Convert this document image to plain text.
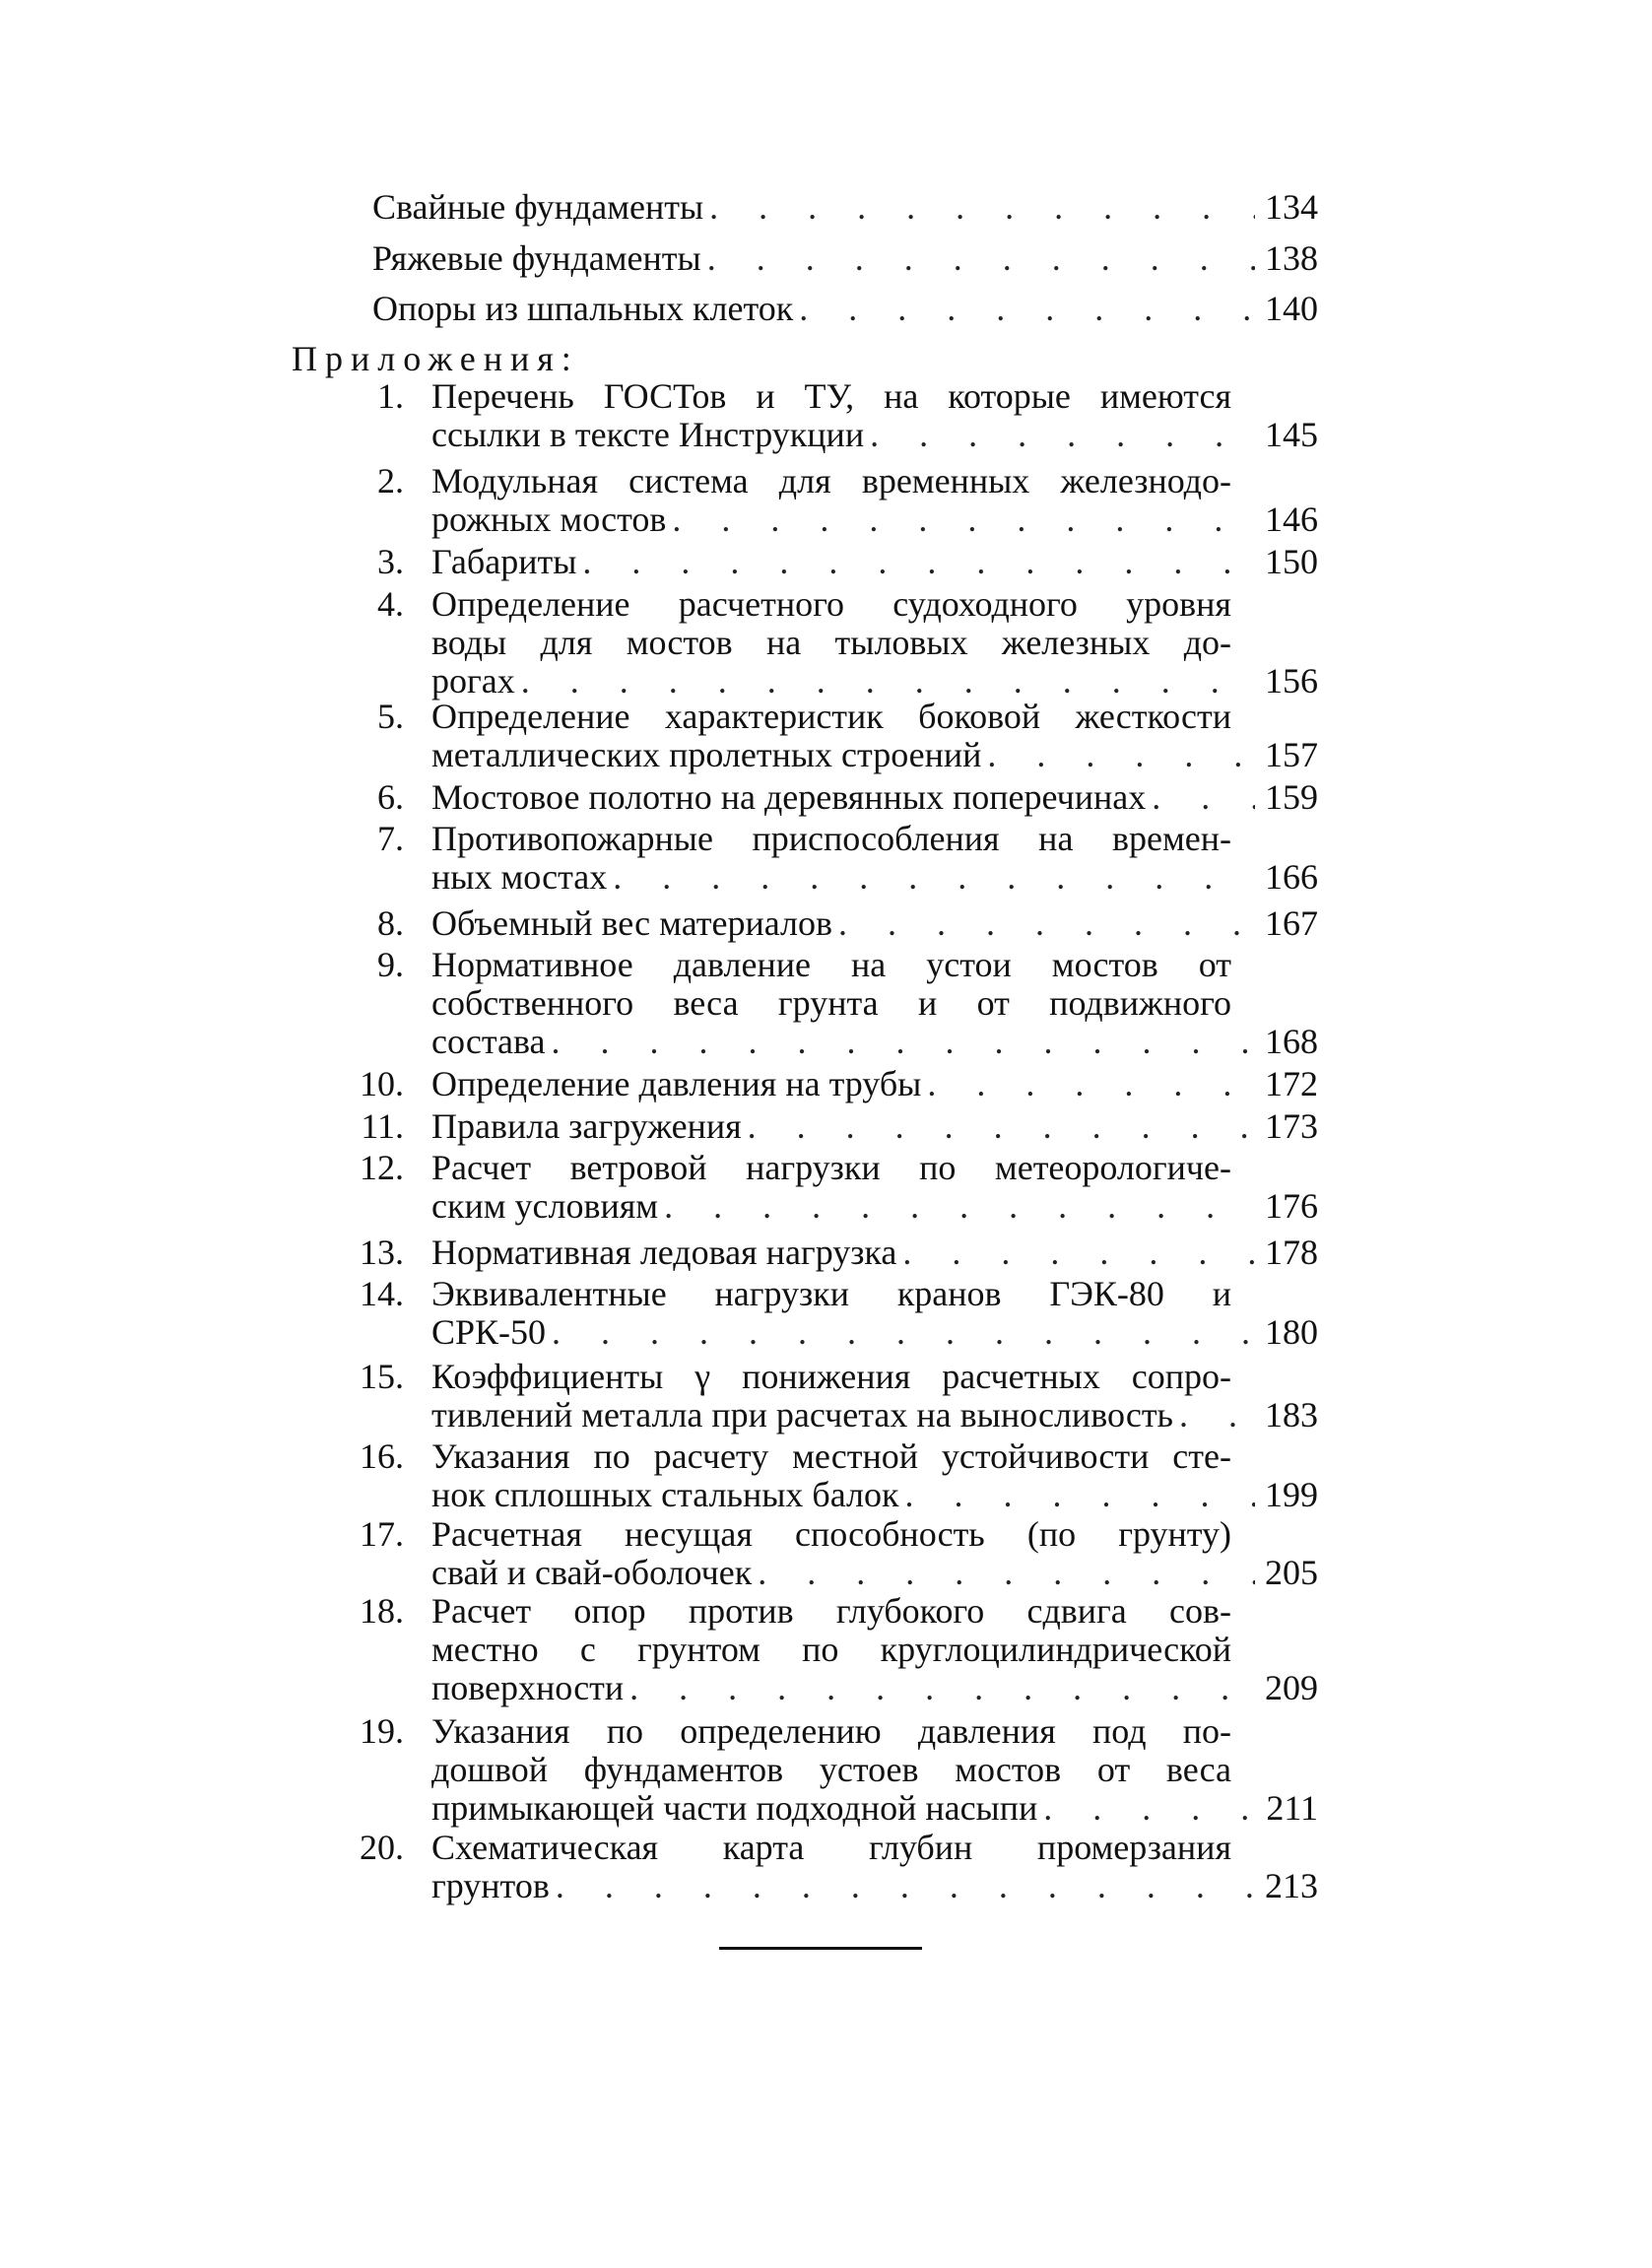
Свайные фундаменты . . .	134
Ряжевые фундаменты . . .	138
Опоры из шпальных клеток . . .	140
Приложения:
1. Перечень ГОСТов и ТУ, на которые имеются
ссылки в тексте Инструкции . . .	145
2. Модульная система для временных железнодо-
рожных мостов . . .	146
3. Габариты . . .	150
4. Определение расчетного судоходного уровня
воды для мостов на тыловых железных до-
рогах . . .	156
5. Определение характеристик боковой жесткости
металлических пролетных строений . . .	157
6. Мостовое полотно на деревянных поперечинах . . .	159
7. Противопожарные приспособления на времен-
ных мостах . . .	166
8. Объемный вес материалов . . .	167
9. Нормативное давление на устои мостов от
собственного веса грунта и от подвижного
состава . . .	168
10. Определение давления на трубы . . .	172
11. Правила загружения . . .	173
12. Расчет ветровой нагрузки по метеорологиче-
ским условиям . . .	176
13. Нормативная ледовая нагрузка . . .	178
14. Эквивалентные нагрузки кранов ГЭК-80 и
СРК-50 . . .	180
15. Коэффициенты γ понижения расчетных сопро-
тивлений металла при расчетах на выносливость . . .	183
16. Указания по расчету местной устойчивости сте-
нок сплошных стальных балок . . .	199
17. Расчетная несущая способность (по грунту)
свай и свай-оболочек . . .	205
18. Расчет опор против глубокого сдвига сов-
местно с грунтом по круглоцилиндрической
поверхности . . .	209
19. Указания по определению давления под по-
дошвой фундаментов устоев мостов от веса
примыкающей части подходной насыпи . . .	211
20. Схематическая карта глубин промерзания
грунтов . . .	213
